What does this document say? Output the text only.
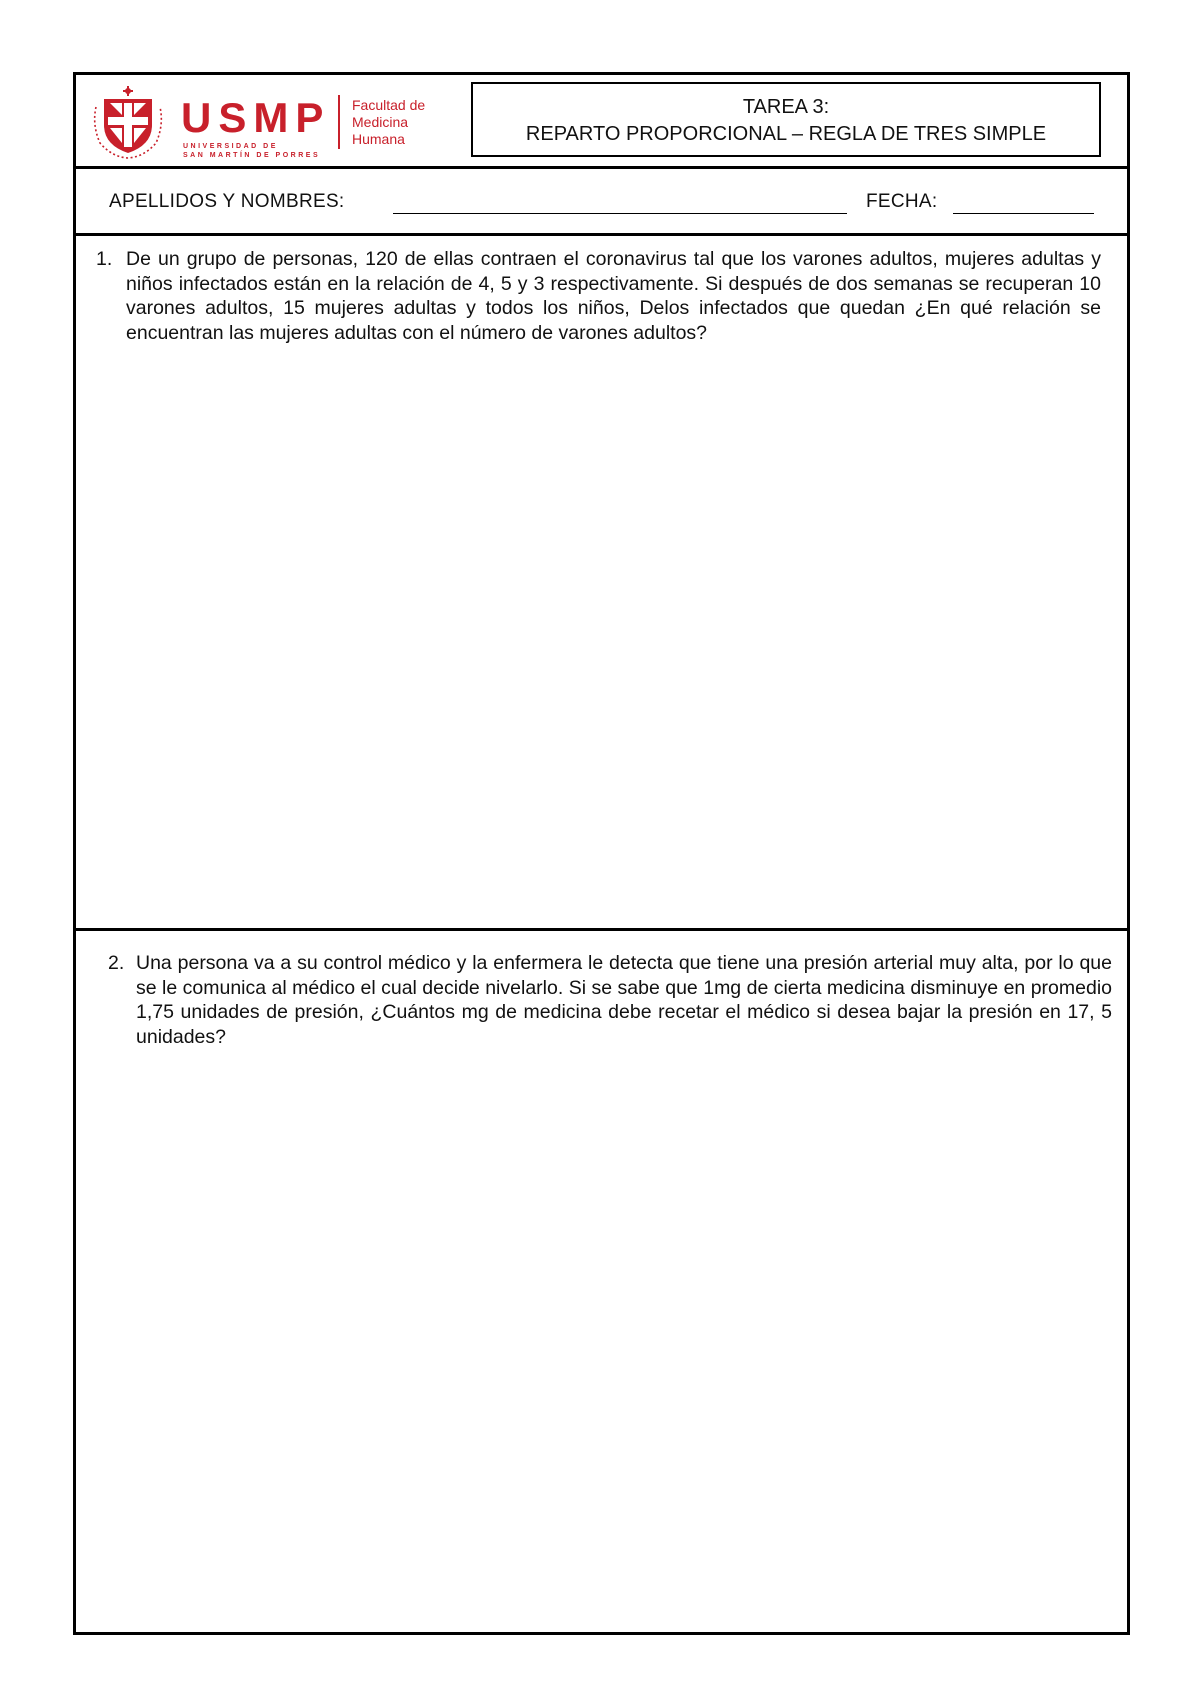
USMP
UNIVERSIDAD DE
SAN MARTÍN DE PORRES
Facultad de
Medicina
Humana
TAREA 3:
REPARTO PROPORCIONAL – REGLA DE TRES SIMPLE
APELLIDOS Y NOMBRES:	FECHA:
1. De un grupo de personas, 120 de ellas contraen el coronavirus tal que los varones adultos, mujeres adultas y niños infectados están en la relación de 4, 5 y 3 respectivamente. Si después de dos semanas se recuperan 10 varones adultos, 15 mujeres adultas y todos los niños, Delos infectados que quedan ¿En qué relación se encuentran las mujeres adultas con el número de varones adultos?
2. Una persona va a su control médico y la enfermera le detecta que tiene una presión arterial muy alta, por lo que se le comunica al médico el cual decide nivelarlo. Si se sabe que 1mg de cierta medicina disminuye en promedio 1,75 unidades de presión, ¿Cuántos mg de medicina debe recetar el médico si desea bajar la presión en 17, 5 unidades?
